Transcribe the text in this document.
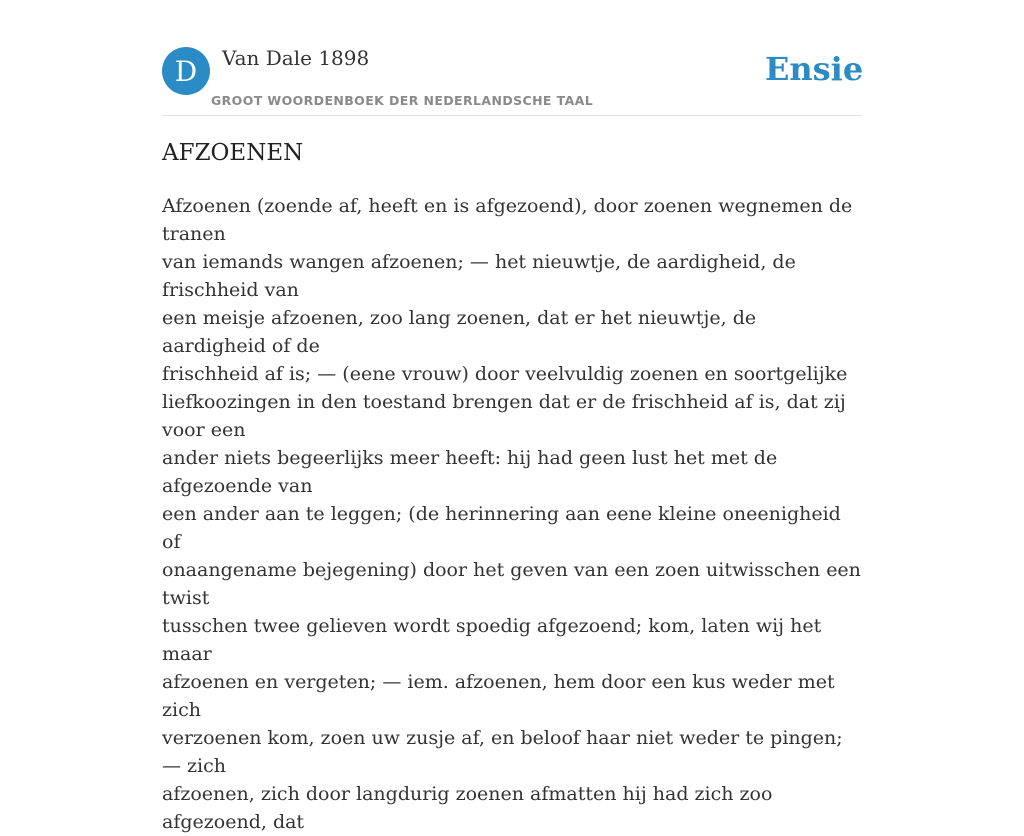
D Van Dale 1898
GROOT WOORDENBOEK DER NEDERLANDSCHE TAAL
Ensie
AFZOENEN
Afzoenen (zoende af, heeft en is afgezoend), door zoenen wegnemen de tranen
van iemands wangen afzoenen; — het nieuwtje, de aardigheid, de frischheid van
een meisje afzoenen, zoo lang zoenen, dat er het nieuwtje, de aardigheid of de
frischheid af is; — (eene vrouw) door veelvuldig zoenen en soortgelijke
liefkoozingen in den toestand brengen dat er de frischheid af is, dat zij voor een
ander niets begeerlijks meer heeft: hij had geen lust het met de afgezoende van
een ander aan te leggen; (de herinnering aan eene kleine oneenigheid of
onaangename bejegening) door het geven van een zoen uitwisschen een twist
tusschen twee gelieven wordt spoedig afgezoend; kom, laten wij het maar
afzoenen en vergeten; — iem. afzoenen, hem door een kus weder met zich
verzoenen kom, zoen uw zusje af, en beloof haar niet weder te pingen; — zich
afzoenen, zich door langdurig zoenen afmatten hij had zich zoo afgezoend, dat
